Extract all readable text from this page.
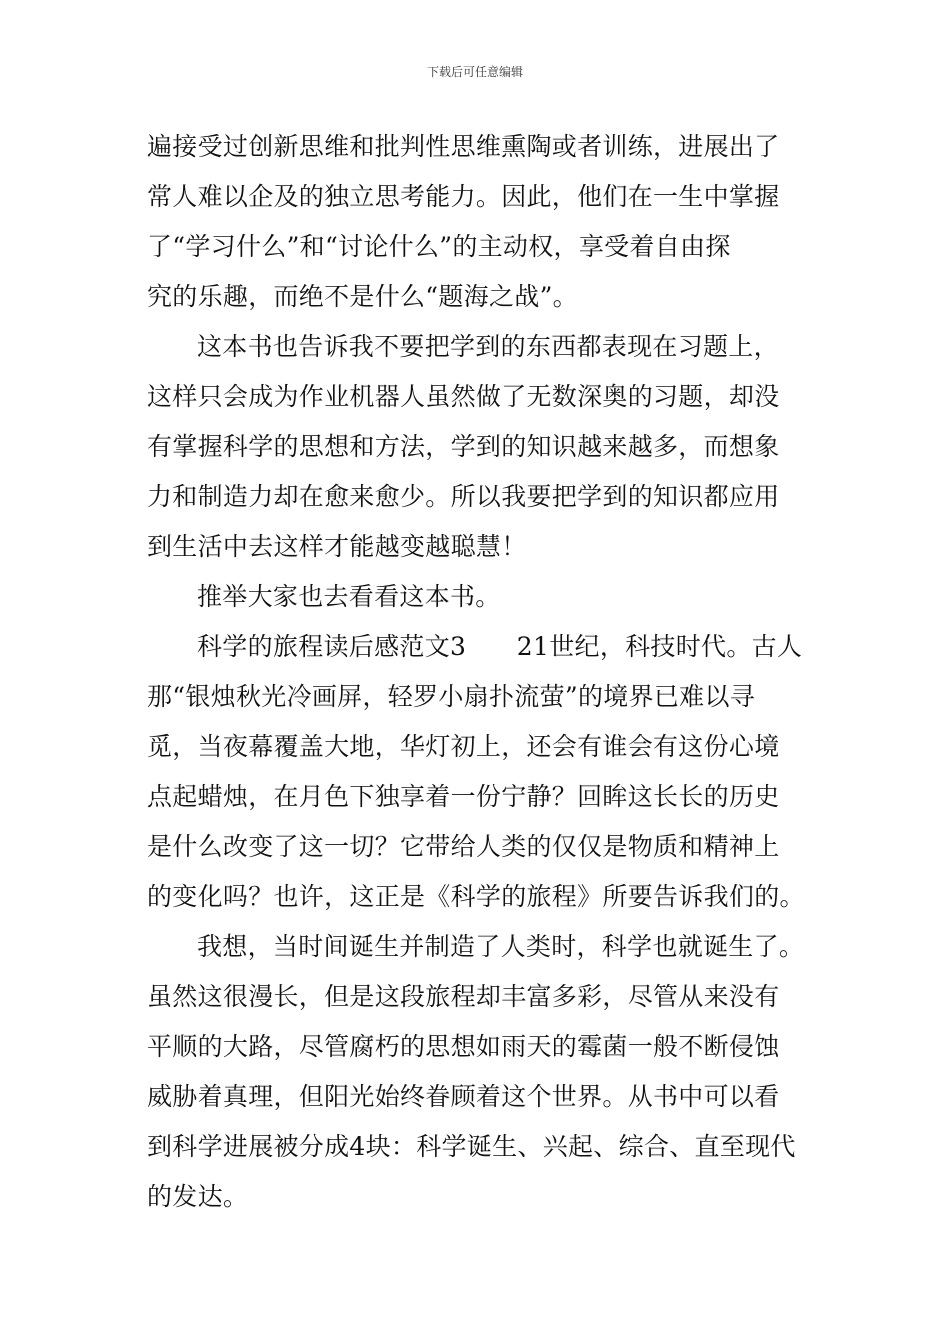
下载后可任意编辑
遍接受过创新思维和批判性思维熏陶或者训练，进展出了
常人难以企及的独立思考能力。因此，他们在一生中掌握
了“学习什么”和“讨论什么”的主动权，享受着自由探
究的乐趣，而绝不是什么“题海之战”。
这本书也告诉我不要把学到的东西都表现在习题上，
这样只会成为作业机器人虽然做了无数深奥的习题，却没
有掌握科学的思想和方法，学到的知识越来越多，而想象
力和制造力却在愈来愈少。所以我要把学到的知识都应用
到生活中去这样才能越变越聪慧！
推举大家也去看看这本书。
科学的旅程读后感范文3　　21世纪，科技时代。古人
那“银烛秋光冷画屏，轻罗小扇扑流萤”的境界已难以寻
觅，当夜幕覆盖大地，华灯初上，还会有谁会有这份心境
点起蜡烛，在月色下独享着一份宁静？回眸这长长的历史
是什么改变了这一切？它带给人类的仅仅是物质和精神上
的变化吗？也许，这正是《科学的旅程》所要告诉我们的。
我想，当时间诞生并制造了人类时，科学也就诞生了。
虽然这很漫长，但是这段旅程却丰富多彩，尽管从来没有
平顺的大路，尽管腐朽的思想如雨天的霉菌一般不断侵蚀
威胁着真理，但阳光始终眷顾着这个世界。从书中可以看
到科学进展被分成4块：科学诞生、兴起、综合、直至现代
的发达。
